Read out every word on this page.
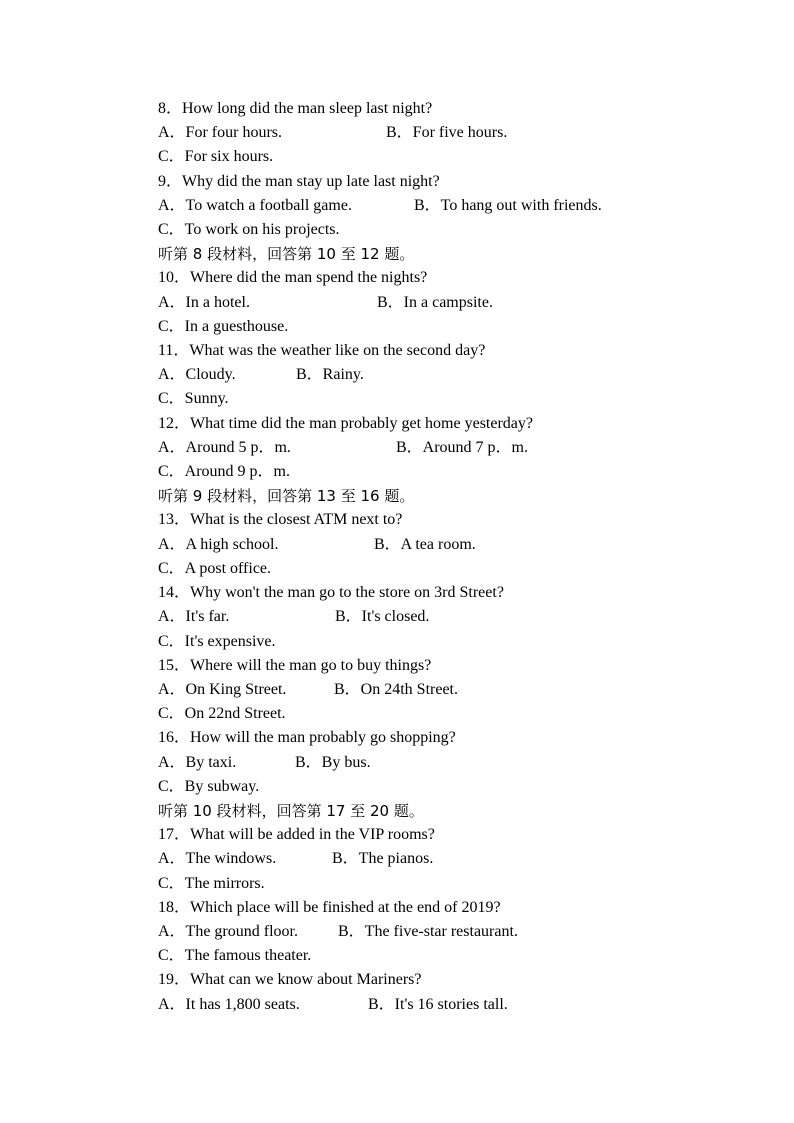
8．How long did the man sleep last night?
A．For four hours.	B．For five hours.
C．For six hours.
9．Why did the man stay up late last night?
A．To watch a football game.	B．To hang out with friends.
C．To work on his projects.
听第 8 段材料，回答第 10 至 12 题。
10．Where did the man spend the nights?
A．In a hotel.	B．In a campsite.
C．In a guesthouse.
11．What was the weather like on the second day?
A．Cloudy.	B．Rainy.
C．Sunny.
12．What time did the man probably get home yesterday?
A．Around 5 p．m.	B．Around 7 p．m.
C．Around 9 p．m.
听第 9 段材料，回答第 13 至 16 题。
13．What is the closest ATM next to?
A．A high school.	B．A tea room.
C．A post office.
14．Why won't the man go to the store on 3rd Street?
A．It's far.	B．It's closed.
C．It's expensive.
15．Where will the man go to buy things?
A．On King Street.	B．On 24th Street.
C．On 22nd Street.
16．How will the man probably go shopping?
A．By taxi.	B．By bus.
C．By subway.
听第 10 段材料，回答第 17 至 20 题。
17．What will be added in the VIP rooms?
A．The windows.	B．The pianos.
C．The mirrors.
18．Which place will be finished at the end of 2019?
A．The ground floor.	B．The five-star restaurant.
C．The famous theater.
19．What can we know about Mariners?
A．It has 1,800 seats.	B．It's 16 stories tall.
